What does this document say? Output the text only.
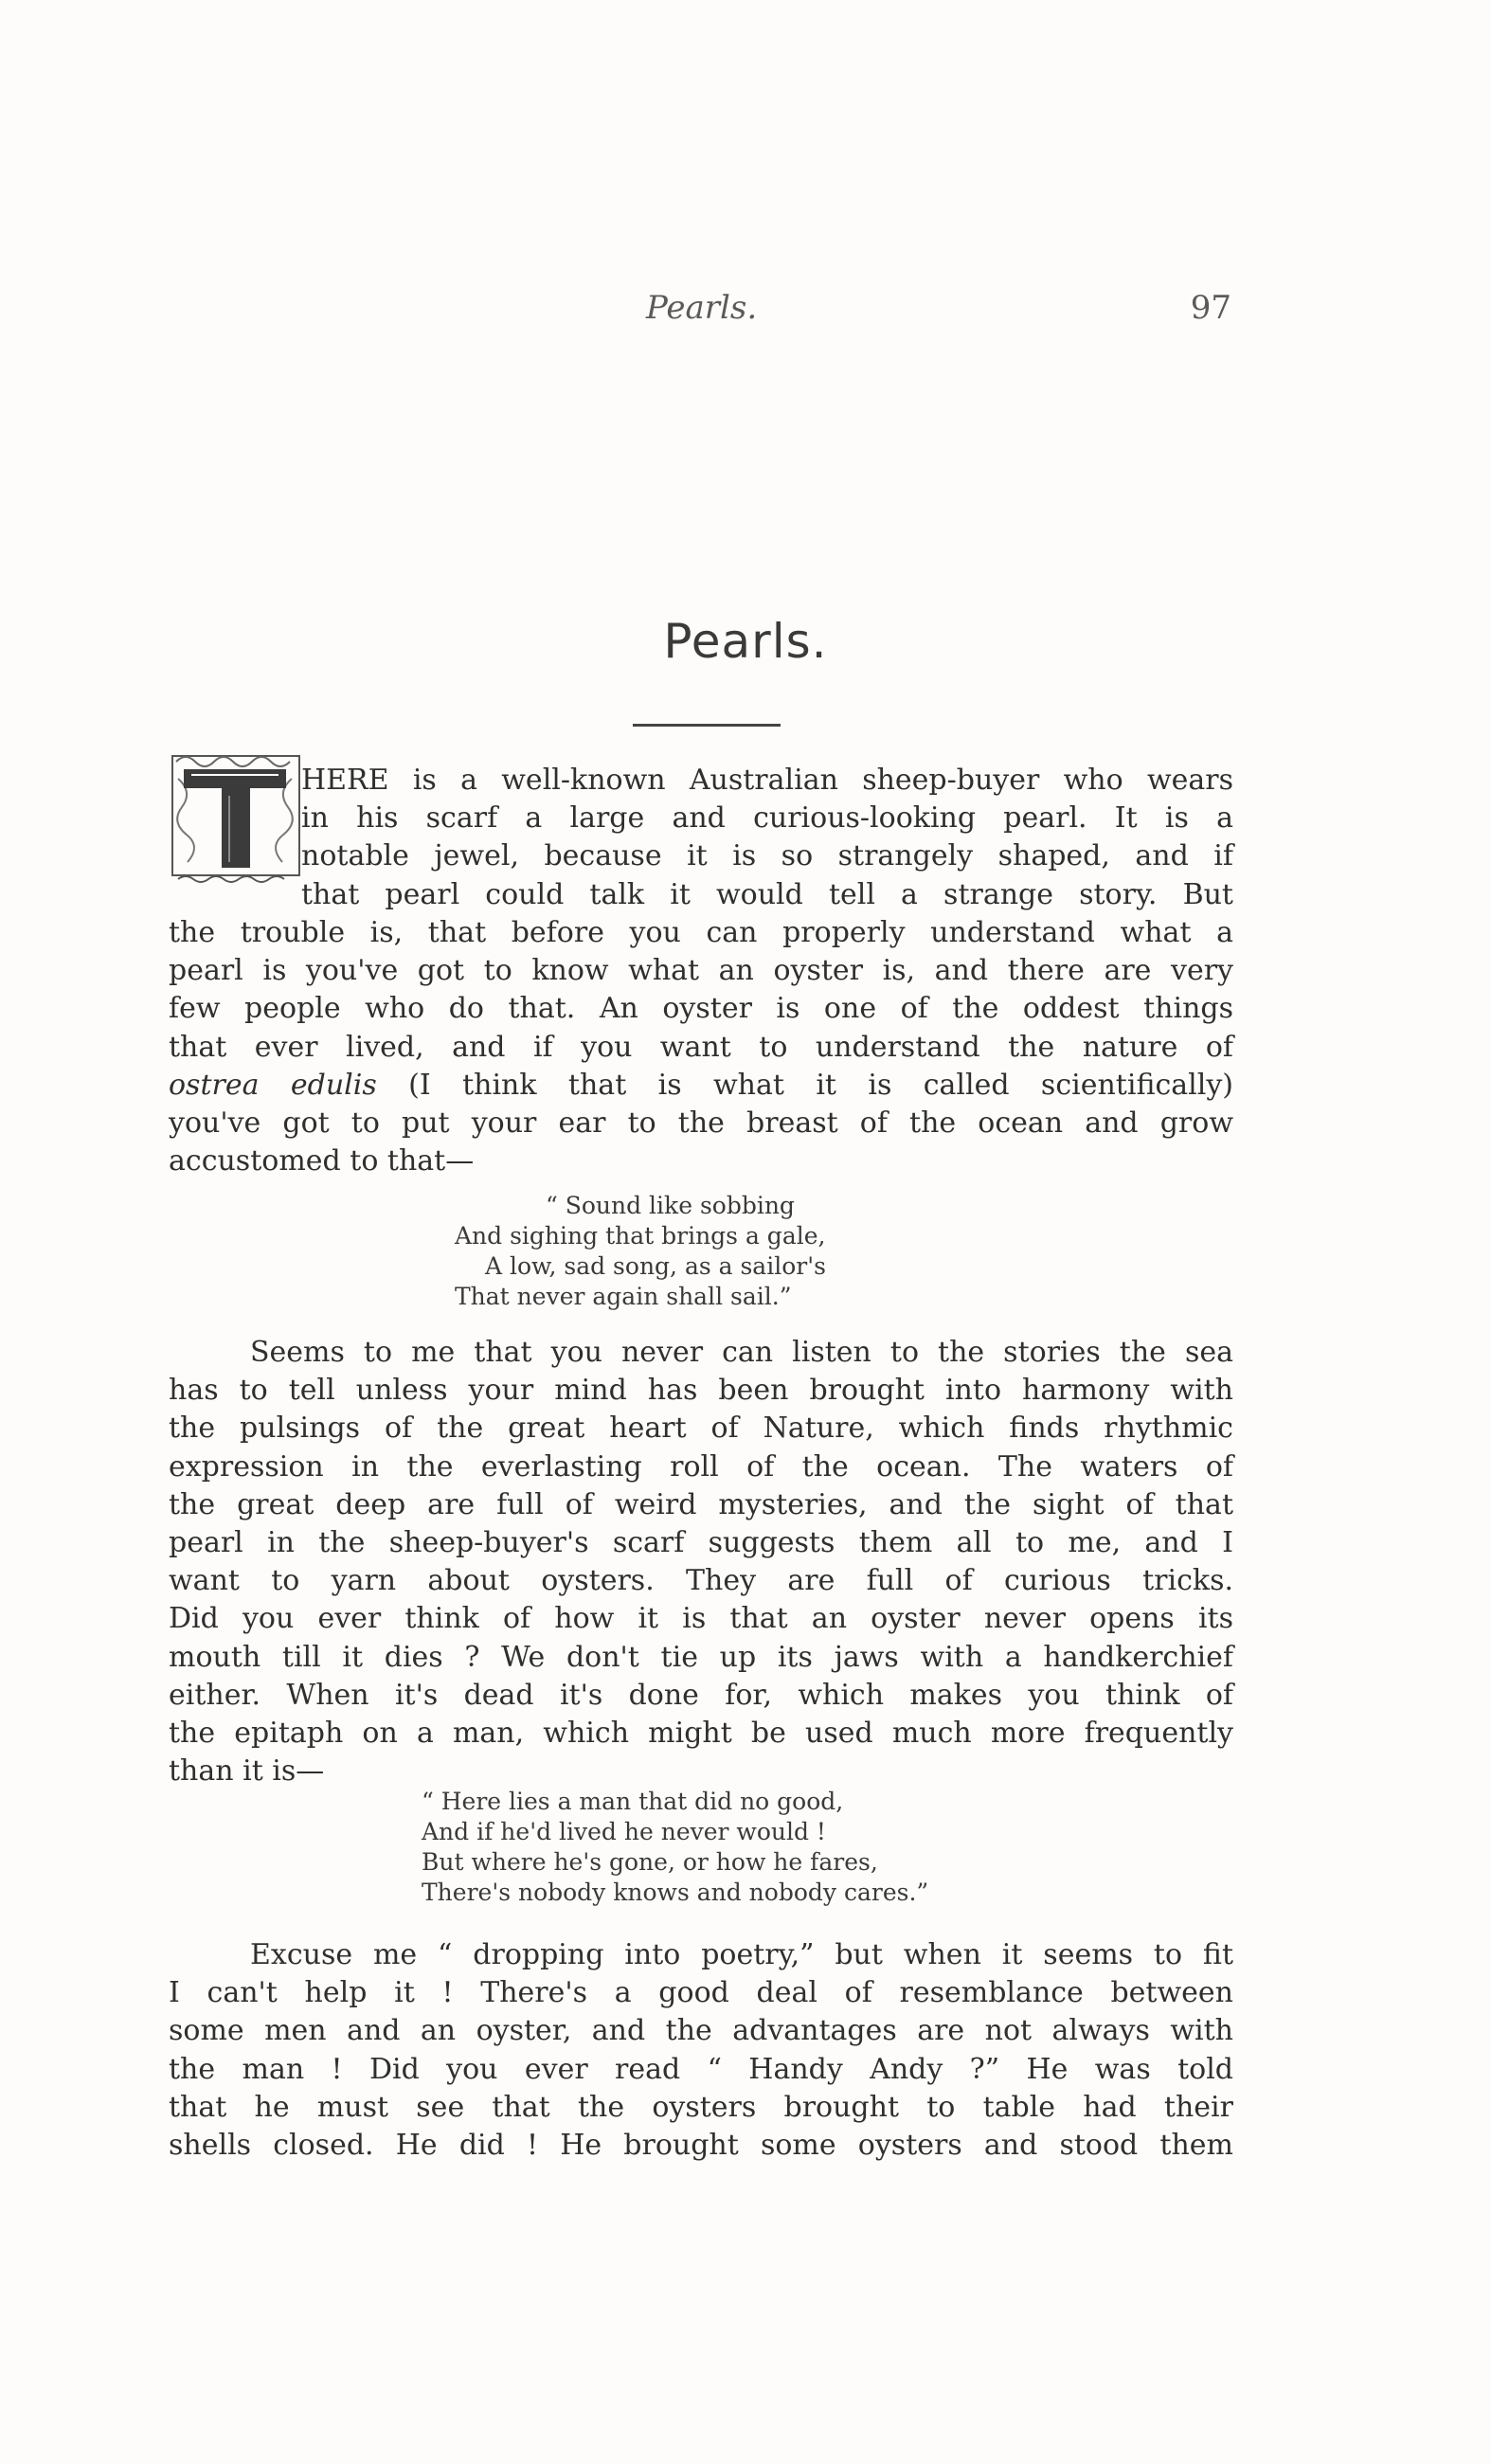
Pearls.	97
Pearls.
HERE is a well-known Australian sheep-buyer who wears
in his scarf a large and curious-looking pearl. It is a
notable jewel, because it is so strangely shaped, and if
that pearl could talk it would tell a strange story. But
the trouble is, that before you can properly understand what a
pearl is you've got to know what an oyster is, and there are very
few people who do that. An oyster is one of the oddest things
that ever lived, and if you want to understand the nature of
ostrea edulis (I think that is what it is called scientifically)
you've got to put your ear to the breast of the ocean and grow
accustomed to that—
“ Sound like sobbing
And sighing that brings a gale,
A low, sad song, as a sailor's
That never again shall sail.”
Seems to me that you never can listen to the stories the sea
has to tell unless your mind has been brought into harmony with
the pulsings of the great heart of Nature, which finds rhythmic
expression in the everlasting roll of the ocean. The waters of
the great deep are full of weird mysteries, and the sight of that
pearl in the sheep-buyer's scarf suggests them all to me, and I
want to yarn about oysters. They are full of curious tricks.
Did you ever think of how it is that an oyster never opens its
mouth till it dies ? We don't tie up its jaws with a handkerchief
either. When it's dead it's done for, which makes you think of
the epitaph on a man, which might be used much more frequently
than it is—
“ Here lies a man that did no good,
And if he'd lived he never would !
But where he's gone, or how he fares,
There's nobody knows and nobody cares.”
Excuse me “ dropping into poetry,” but when it seems to fit
I can't help it ! There's a good deal of resemblance between
some men and an oyster, and the advantages are not always with
the man ! Did you ever read “ Handy Andy ?” He was told
that he must see that the oysters brought to table had their
shells closed. He did ! He brought some oysters and stood them
